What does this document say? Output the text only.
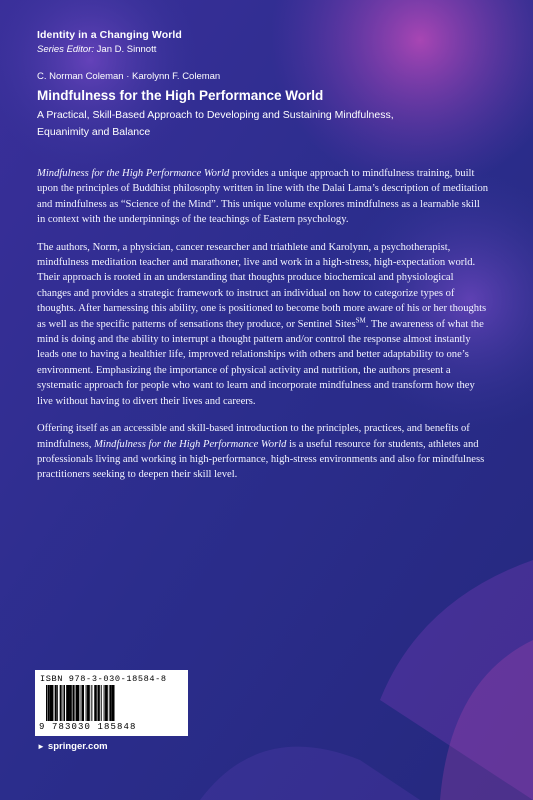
Identity in a Changing World
Series Editor: Jan D. Sinnott
C. Norman Coleman · Karolynn F. Coleman
Mindfulness for the High Performance World
A Practical, Skill-Based Approach to Developing and Sustaining Mindfulness, Equanimity and Balance

Mindfulness for the High Performance World provides a unique approach to mindfulness training, built upon the principles of Buddhist philosophy written in line with the Dalai Lama’s description of meditation and mindfulness as “Science of the Mind”. This unique volume explores mindfulness as a learnable skill in context with the underpinnings of the teachings of Eastern psychology.

The authors, Norm, a physician, cancer researcher and triathlete and Karolynn, a psychotherapist, mindfulness meditation teacher and marathoner, live and work in a high-stress, high-expectation world. Their approach is rooted in an understanding that thoughts produce biochemical and physiological changes and provides a strategic framework to instruct an individual on how to categorize types of thoughts. After harnessing this ability, one is positioned to become both more aware of his or her thoughts as well as the specific patterns of sensations they produce, or Sentinel Sites℠. The awareness of what the mind is doing and the ability to interrupt a thought pattern and/or control the response almost instantly leads one to having a healthier life, improved relationships with others and better adaptability to one’s environment. Emphasizing the importance of physical activity and nutrition, the authors present a systematic approach for people who want to learn and incorporate mindfulness and transform how they live without having to divert their lives and careers.

Offering itself as an accessible and skill-based introduction to the principles, practices, and benefits of mindfulness, Mindfulness for the High Performance World is a useful resource for students, athletes and professionals living and working in high-performance, high-stress environments and also for mindfulness practitioners seeking to deepen their skill level.

ISBN 978-3-030-18584-8
9 783030 185848
► springer.com
